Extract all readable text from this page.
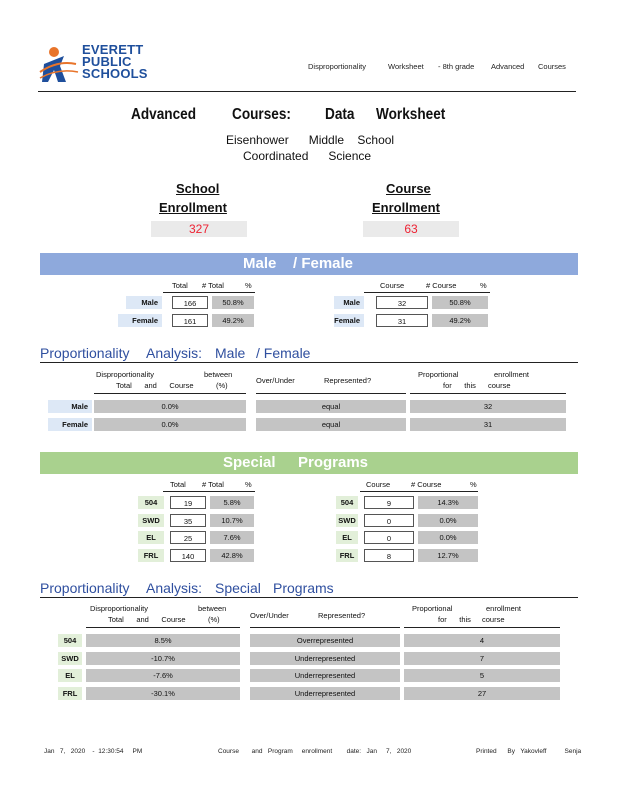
EVERETT
PUBLIC
SCHOOLS	Disproportionality	Worksheet - 8th grade Advanced Courses
Advanced Courses: Data Worksheet
Eisenhower      Middle    School
Coordinated      Science
School
Enrollment
327
Course
Enrollment
63
Male / Female
Total # Total	%	Course	# Course	%
Male	166	50.8%	Male	32	50.8%
Female	161	49.2%	Female	31	49.2%
Proportionality Analysis: Male / Female
Disproportionality	between
Total      and      Course	(%)
Over/Under	Represented?
Proportional	enrollment
for      this course
Male	0.0%	equal	32
Female	0.0%	equal	31
Special Programs
Total # Total	%	Course	# Course	%
504	19	5.8%	504	9	14.3%
SWD	35	10.7%	SWD	0	0.0%
EL	25	7.6%	EL	0	0.0%
FRL	140	42.8%	FRL	8	12.7%
Proportionality Analysis: Special Programs
Disproportionality	between
Total      and      Course	(%)	Over/Under	Represented?
Proportional	enrollment
for      this course
504	8.5%	Overrepresented	4
SWD	-10.7%	Underrepresented	7
EL	-7.6%	Underrepresented	5
FRL	-30.1%	Underrepresented	27
Jan   7,   2020    -  12:30:54     PM	Course       and   Program     enrollment        date:   Jan     7,   2020	Printed      By   Yakovleff          Senja
